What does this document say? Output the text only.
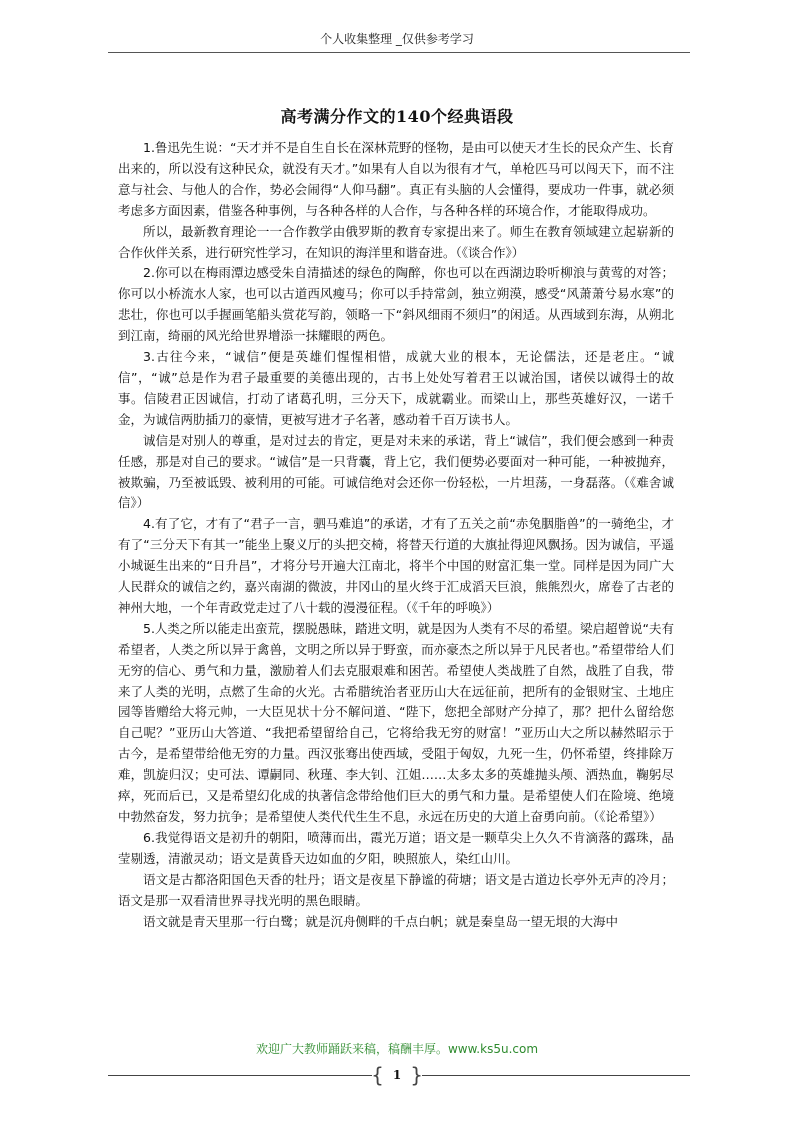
个人收集整理 _仅供参考学习
高考满分作文的140个经典语段

1.鲁迅先生说：“天才并不是自生自长在深林荒野的怪物，是由可以使天才生长的民众产生、长育出来的，所以没有这种民众，就没有天才。”如果有人自以为很有才气，单枪匹马可以闯天下，而不注意与社会、与他人的合作，势必会闹得“人仰马翻”。真正有头脑的人会懂得，要成功一件事，就必须考虑多方面因素，借鉴各种事例，与各种各样的人合作，与各种各样的环境合作，才能取得成功。

所以，最新教育理论一一合作教学由俄罗斯的教育专家提出来了。师生在教育领域建立起崭新的合作伙伴关系，进行研究性学习，在知识的海洋里和谐奋进。（《谈合作》）

2.你可以在梅雨潭边感受朱自清描述的绿色的陶醉，你也可以在西湖边聆听柳浪与黄莺的对答；你可以小桥流水人家，也可以古道西风瘦马；你可以手持常剑，独立朔漠，感受“风萧萧兮易水寒”的悲壮，你也可以手握画笔船头赏花写韵，领略一下“斜风细雨不须归”的闲适。从西域到东海，从朔北到江南，绮丽的风光给世界增添一抹耀眼的两色。

3.古往今来，“诚信”便是英雄们惺惺相惜，成就大业的根本，无论儒法，还是老庄。“诚信”，“诚”总是作为君子最重要的美德出现的，古书上处处写着君王以诚治国，诸侯以诚得士的故事。信陵君正因诚信，打动了诸葛孔明，三分天下，成就霸业。而梁山上，那些英雄好汉，一诺千金，为诚信两肋插刀的豪情，更被写进才子名著，感动着千百万读书人。

诚信是对别人的尊重，是对过去的肯定，更是对未来的承诺，背上“诚信”，我们便会感到一种责任感，那是对自己的要求。“诚信”是一只背囊，背上它，我们便势必要面对一种可能，一种被抛弃，被欺骗，乃至被诋毁、被利用的可能。可诚信绝对会还你一份轻松，一片坦荡，一身磊落。（《难舍诚信》）

4.有了它，才有了“君子一言，驷马难追”的承诺，才有了五关之前“赤兔胭脂兽”的一骑绝尘，才有了“三分天下有其一”能坐上聚义厅的头把交椅，将替天行道的大旗扯得迎风飘扬。因为诚信，平遥小城诞生出来的“日升昌”，才将分号开遍大江南北，将半个中国的财富汇集一堂。同样是因为同广大人民群众的诚信之约，嘉兴南湖的微波，井冈山的星火终于汇成滔天巨浪，熊熊烈火，席卷了古老的神州大地，一个年青政党走过了八十载的漫漫征程。（《千年的呼唤》）

5.人类之所以能走出蛮荒，摆脱愚昧，踏进文明，就是因为人类有不尽的希望。梁启超曾说“夫有希望者，人类之所以异于禽兽，文明之所以异于野蛮，而亦豪杰之所以异于凡民者也。”希望带给人们无穷的信心、勇气和力量，激励着人们去克服艰难和困苦。希望使人类战胜了自然，战胜了自我，带来了人类的光明，点燃了生命的火光。古希腊统治者亚历山大在远征前，把所有的金银财宝、土地庄园等皆赠给大将元帅，一大臣见状十分不解问道、“陛下，您把全部财产分掉了，那？把什么留给您自己呢？”亚历山大答道、“我把希望留给自己，它将给我无穷的财富！”亚历山大之所以赫然昭示于古今，是希望带给他无穷的力量。西汉张骞出使西域，受阻于匈奴，九死一生，仍怀希望，终排除万难，凯旋归汉；史可法、谭嗣同、秋瑾、李大钊、江姐……太多太多的英雄抛头颅、洒热血，鞠躬尽瘁，死而后已，又是希望幻化成的执著信念带给他们巨大的勇气和力量。是希望使人们在险境、绝境中勃然奋发，努力抗争；是希望使人类代代生生不息，永远在历史的大道上奋勇向前。（《论希望》）

6.我觉得语文是初升的朝阳，喷薄而出，霞光万道；语文是一颗草尖上久久不肯滴落的露珠，晶莹剔透，清澈灵动；语文是黄昏天边如血的夕阳，映照旅人，染红山川。

语文是古都洛阳国色天香的牡丹；语文是夜星下静谧的荷塘；语文是古道边长亭外无声的冷月；语文是那一双看清世界寻找光明的黑色眼睛。

语文就是青天里那一行白鹭；就是沉舟侧畔的千点白帆；就是秦皇岛一望无垠的大海中

欢迎广大教师踊跃来稿，稿酬丰厚。www.ks5u.com
{ 1 }
